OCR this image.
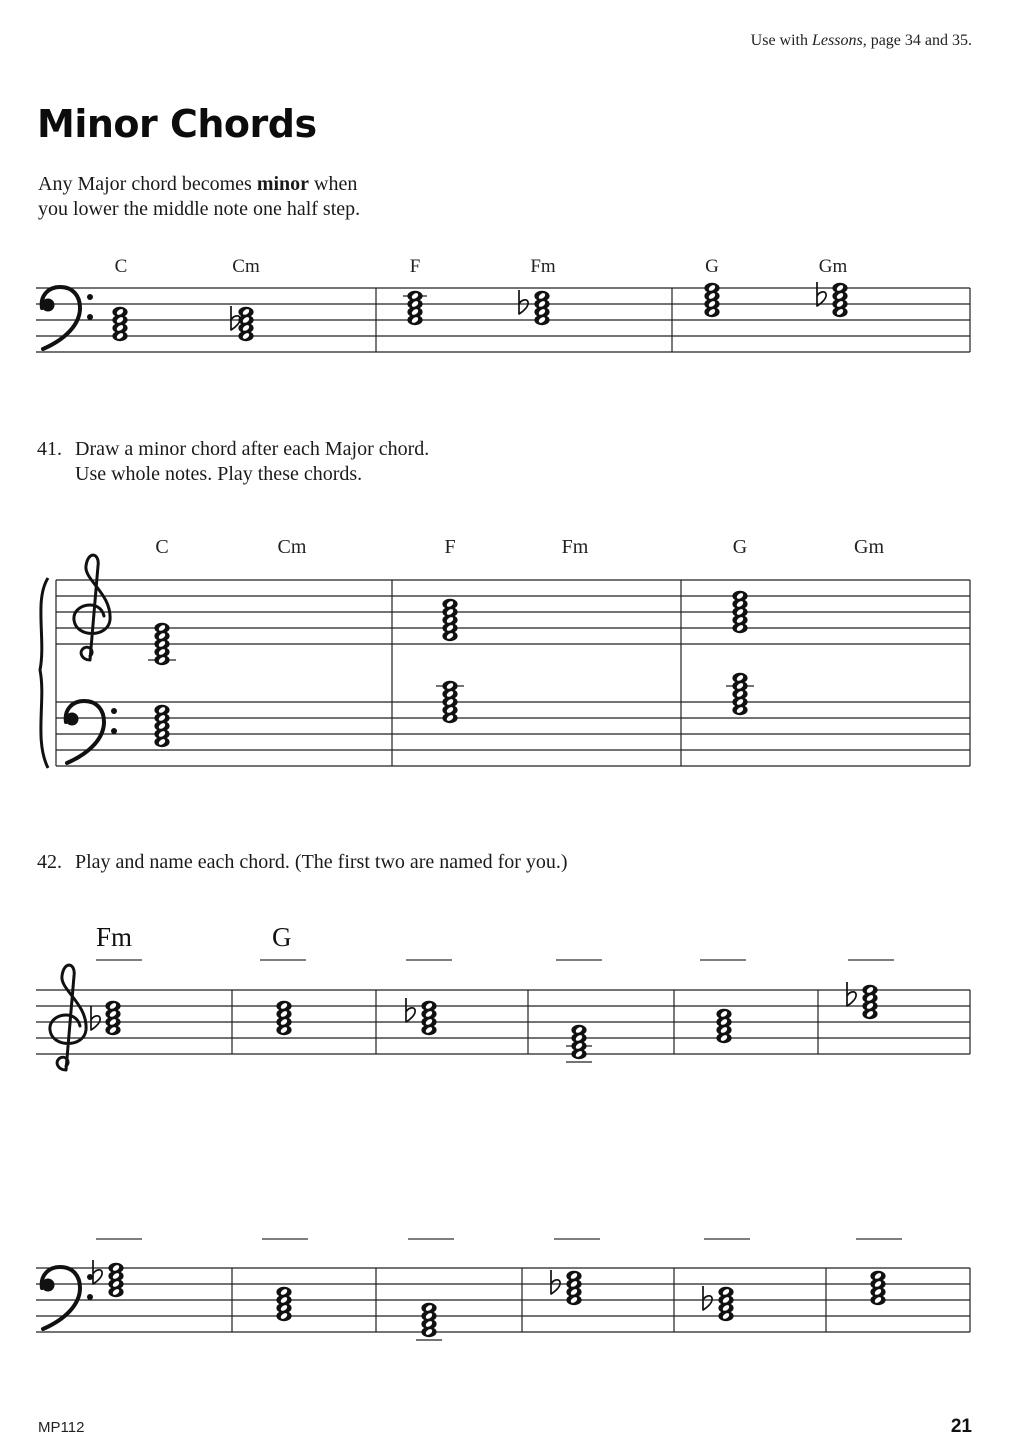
Use with Lessons, page 34 and 35.
Minor Chords
Any Major chord becomes minor when
you lower the middle note one half step.
41. Draw a minor chord after each Major chord.
Use whole notes. Play these chords.
42. Play and name each chord. (The first two are named for you.)
C	Cm	F	Fm	G	Gm
C	Cm	F	Fm	G	Gm
Fm	G
MP112	21
